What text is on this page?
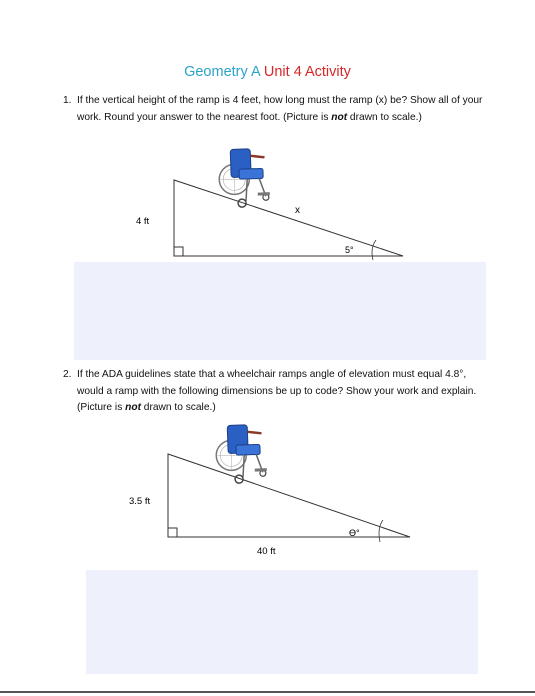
Geometry A Unit 4 Activity
1. If the vertical height of the ramp is 4 feet, how long must the ramp (x) be? Show all of your work. Round your answer to the nearest foot. (Picture is not drawn to scale.)

4 ft
x
5°
2. If the ADA guidelines state that a wheelchair ramps angle of elevation must equal 4.8°, would a ramp with the following dimensions be up to code? Show your work and explain. (Picture is not drawn to scale.)

3.5 ft
40 ft
ϴ°
